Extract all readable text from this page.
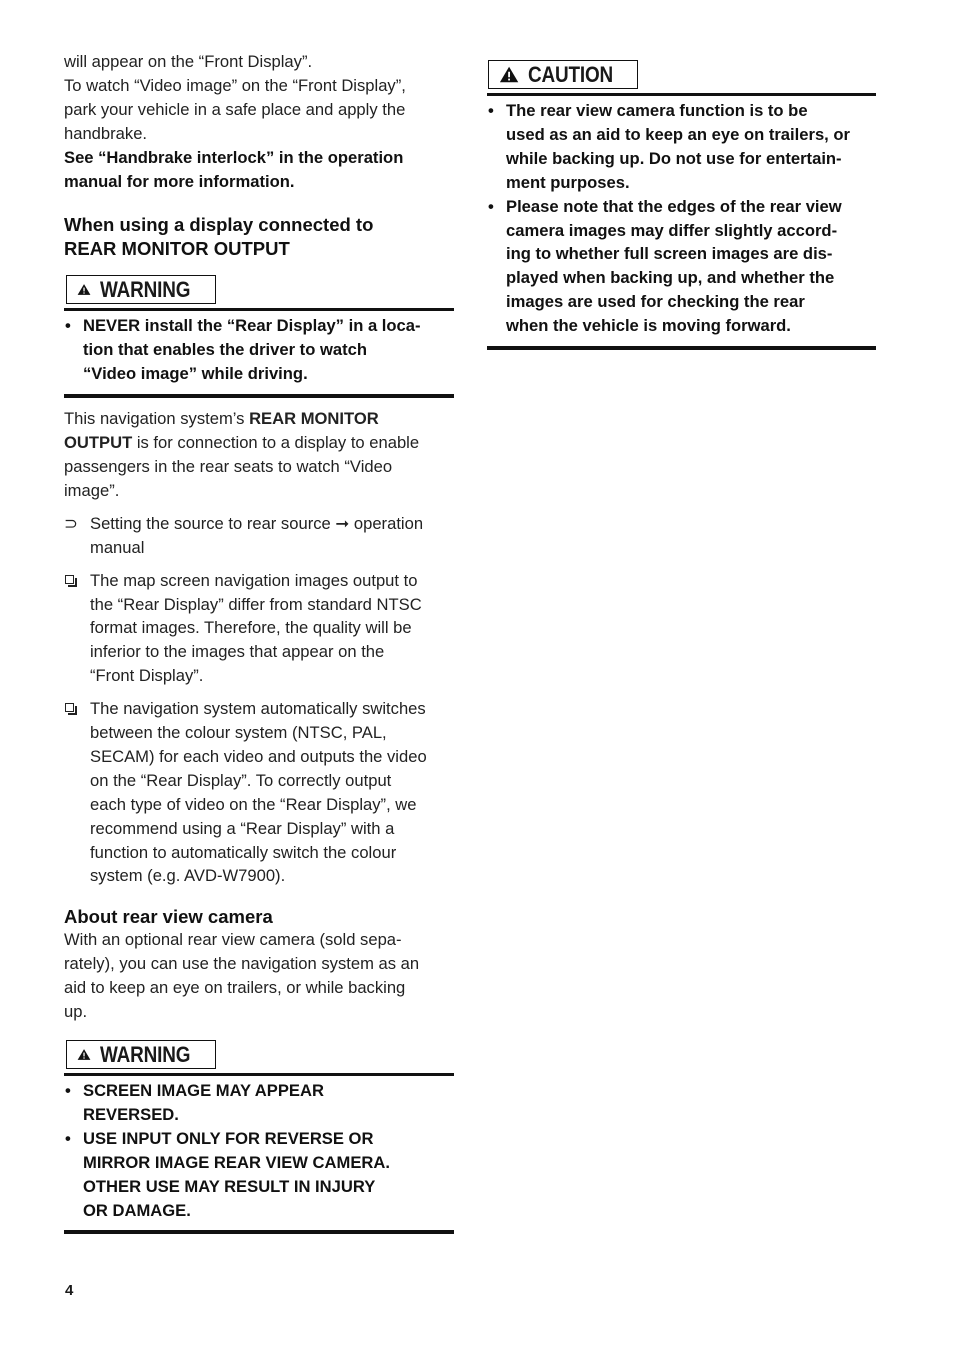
will appear on the “Front Display”.

To watch “Video image” on the “Front Display”,

park your vehicle in a safe place and apply the

handbrake.

See “Handbrake interlock” in the operation

manual for more information.

When using a display connected to

REAR MONITOR OUTPUT

WARNING
• NEVER install the “Rear Display” in a loca-
tion that enables the driver to watch
“Video image” while driving.

This navigation system’s REAR MONITOR

OUTPUT is for connection to a display to enable

passengers in the rear seats to watch “Video

image”.

⊃ Setting the source to rear source ➞ operation

manual

The map screen navigation images output to

the “Rear Display” differ from standard NTSC

format images. Therefore, the quality will be

inferior to the images that appear on the

“Front Display”.

The navigation system automatically switches

between the colour system (NTSC, PAL,

SECAM) for each video and outputs the video

on the “Rear Display”. To correctly output

each type of video on the “Rear Display”, we

recommend using a “Rear Display” with a

function to automatically switch the colour

system (e.g. AVD-W7900).

About rear view camera

With an optional rear view camera (sold sepa-

rately), you can use the navigation system as an

aid to keep an eye on trailers, or while backing

up.

WARNING
• SCREEN IMAGE MAY APPEAR
REVERSED.
• USE INPUT ONLY FOR REVERSE OR
MIRROR IMAGE REAR VIEW CAMERA.
OTHER USE MAY RESULT IN INJURY
OR DAMAGE.
CAUTION
• The rear view camera function is to be
used as an aid to keep an eye on trailers, or
while backing up. Do not use for entertain-
ment purposes.
• Please note that the edges of the rear view
camera images may differ slightly accord-
ing to whether full screen images are dis-
played when backing up, and whether the
images are used for checking the rear
when the vehicle is moving forward.
4
